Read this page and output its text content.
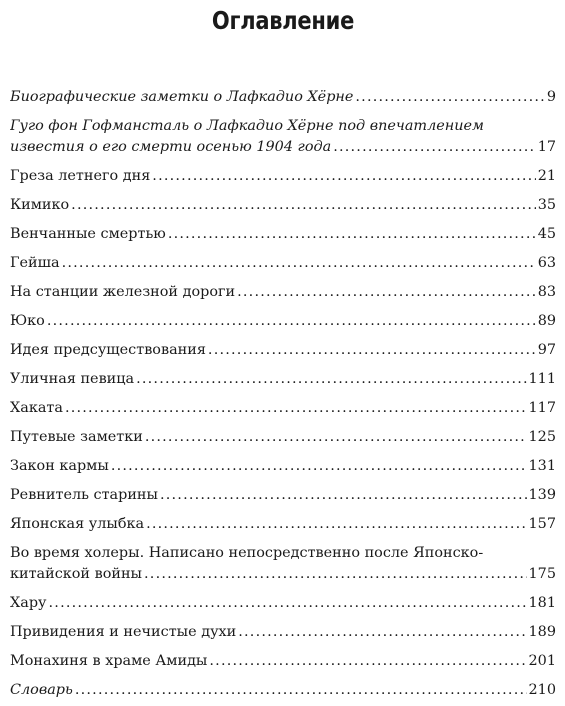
Оглавление
Биографические заметки о Лафкадио Хёрне .....	9
Гуго фон Гофмансталь о Лафкадио Хёрне под впечатлением
известия о его смерти осенью 1904 года .....	17
Греза летнего дня .....	21
Кимико .....	35
Венчанные смертью .....	45
Гейша .....	63
На станции железной дороги .....	83
Юко .....	89
Идея предсуществования .....	97
Уличная певица .....	111
Хаката .....	117
Путевые заметки .....	125
Закон кармы .....	131
Ревнитель старины .....	139
Японская улыбка .....	157
Во время холеры. Написано непосредственно после Японско-
китайской войны .....	175
Хару .....	181
Привидения и нечистые духи .....	189
Монахиня в храме Амиды .....	201
Словарь .....	210
